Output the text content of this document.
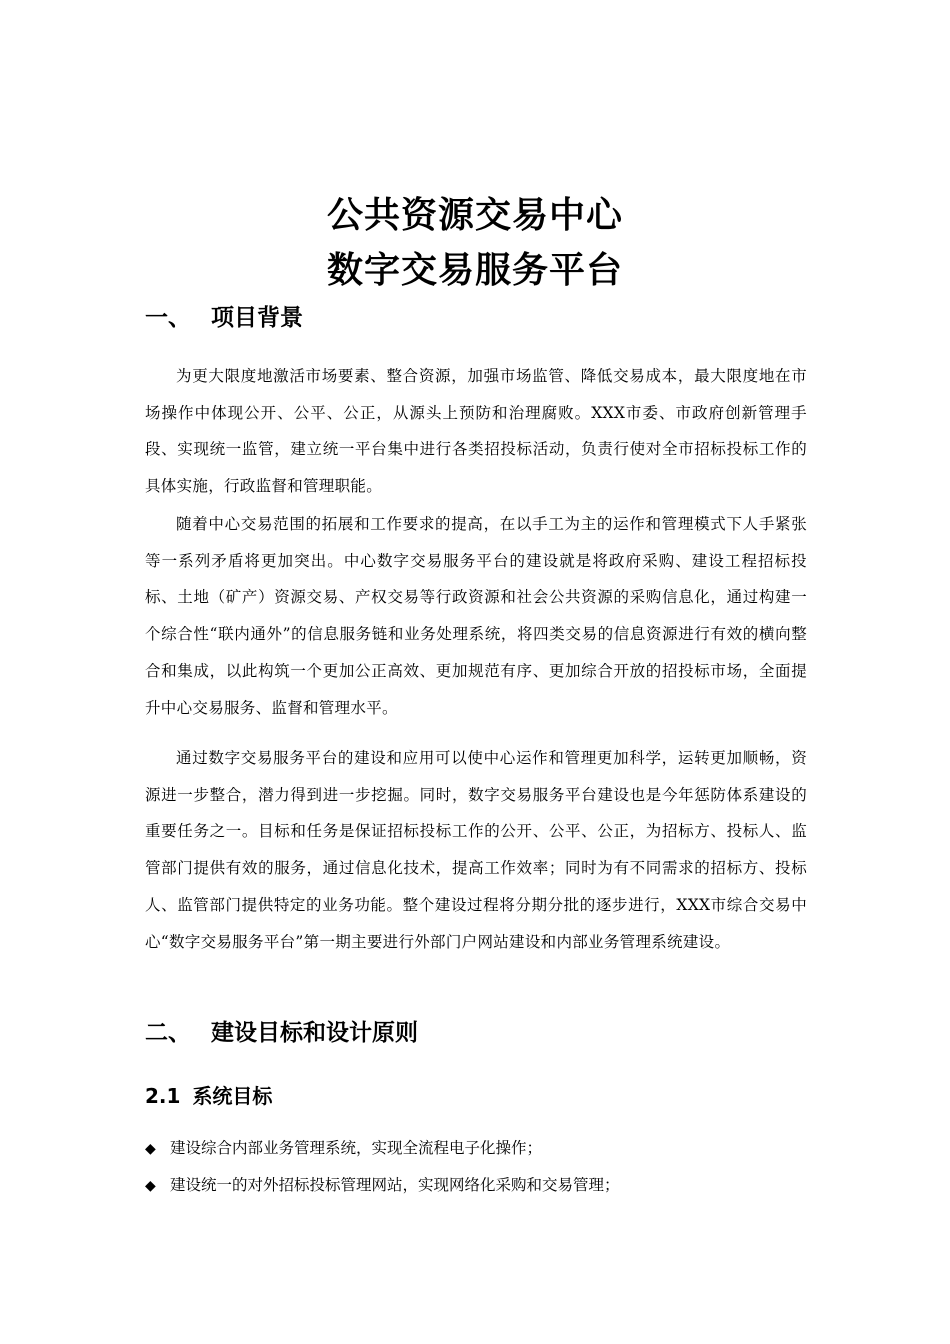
公共资源交易中心
数字交易服务平台
一、 项目背景

为更大限度地激活市场要素、整合资源，加强市场监管、降低交易成本，最大限度地在市场操作中体现公开、公平、公正，从源头上预防和治理腐败。XXX市委、市政府创新管理手段、实现统一监管，建立统一平台集中进行各类招投标活动，负责行使对全市招标投标工作的具体实施，行政监督和管理职能。

随着中心交易范围的拓展和工作要求的提高，在以手工为主的运作和管理模式下人手紧张等一系列矛盾将更加突出。中心数字交易服务平台的建设就是将政府采购、建设工程招标投标、土地（矿产）资源交易、产权交易等行政资源和社会公共资源的采购信息化，通过构建一个综合性“联内通外”的信息服务链和业务处理系统，将四类交易的信息资源进行有效的横向整合和集成，以此构筑一个更加公正高效、更加规范有序、更加综合开放的招投标市场，全面提升中心交易服务、监督和管理水平。

通过数字交易服务平台的建设和应用可以使中心运作和管理更加科学，运转更加顺畅，资源进一步整合，潜力得到进一步挖掘。同时，数字交易服务平台建设也是今年惩防体系建设的重要任务之一。目标和任务是保证招标投标工作的公开、公平、公正，为招标方、投标人、监管部门提供有效的服务，通过信息化技术，提高工作效率；同时为有不同需求的招标方、投标人、监管部门提供特定的业务功能。整个建设过程将分期分批的逐步进行，XXX市综合交易中心“数字交易服务平台”第一期主要进行外部门户网站建设和内部业务管理系统建设。

二、 建设目标和设计原则
2.1 系统目标
◆ 建设综合内部业务管理系统，实现全流程电子化操作；
◆ 建设统一的对外招标投标管理网站，实现网络化采购和交易管理；
